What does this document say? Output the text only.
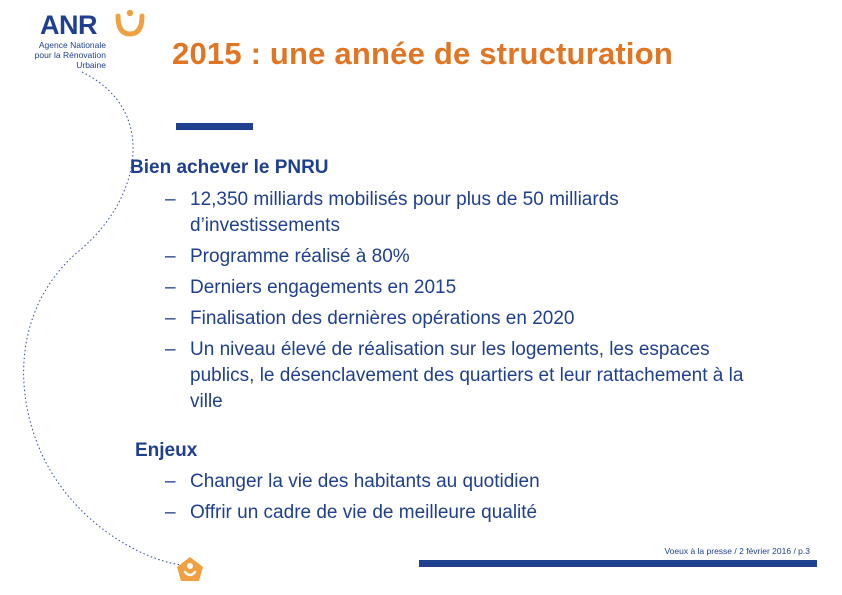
ANR
Agence Nationale
pour la Rénovation
Urbaine 2015 : une année de structuration
Bien achever le PNRU
– 12,350 milliards mobilisés pour plus de 50 milliards d’investissements
– Programme réalisé à 80%
– Derniers engagements en 2015
– Finalisation des dernières opérations en 2020
– Un niveau élevé de réalisation sur les logements, les espaces publics, le désenclavement des quartiers et leur rattachement à la ville
Enjeux
– Changer la vie des habitants au quotidien
– Offrir un cadre de vie de meilleure qualité
Voeux à la presse / 2 février 2016 / p.3
